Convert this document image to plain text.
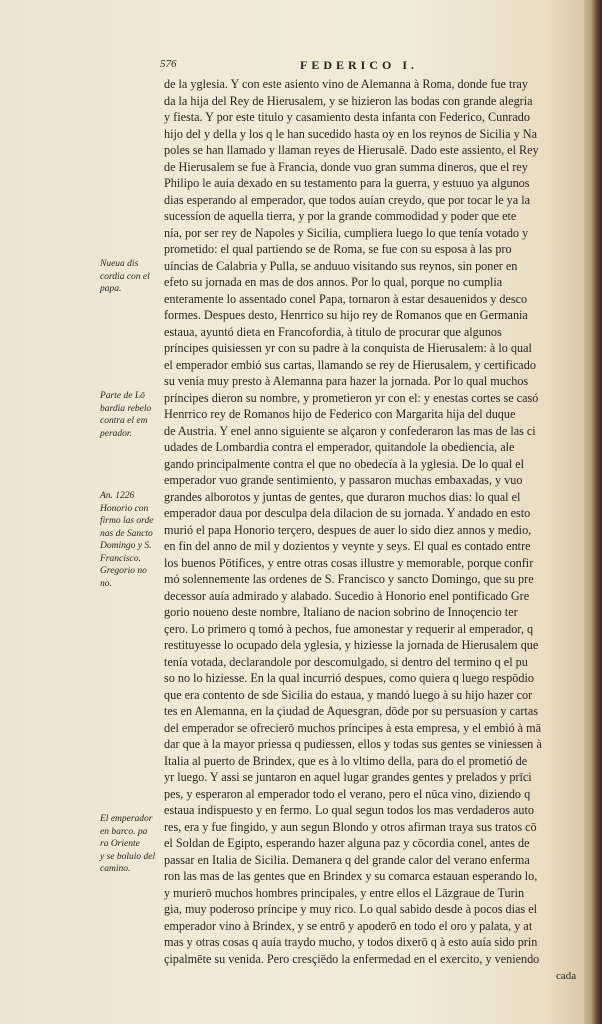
576	FEDERICO I.
de la yglesia. Y con este asiento vino de Alemanna à Roma, donde fue tray
da la hija del Rey de Hierusalem, y se hizieron las bodas con grande alegria
y fiesta. Y por este titulo y casamiento desta infanta con Federico, Cunrado
hijo del y della y los q le han sucedido hasta oy en los reynos de Sicilia y Na
poles se han llamado y llaman reyes de Hierusalē. Dado este assiento, el Rey
de Hierusalem se fue à Francia, donde vuo gran summa dineros, que el rey
Philipo le auía dexado en su testamento para la guerra, y estuuo ya algunos
dias esperando al emperador, que todos auían creydo, que por tocar le ya la
sucessíon de aquella tierra, y por la grande commodidad y poder que ete
nía, por ser rey de Napoles y Sicilia, cumpliera luego lo que tenía votado y
prometido: el qual partiendo se de Roma, se fue con su esposa à las pro
uíncias de Calabria y Pulla, se anduuo visitando sus reynos, sin poner en
efeto su jornada en mas de dos annos. Por lo qual, porque no cumplia
enteramente lo assentado conel Papa, tornaron à estar desauenidos y desco
formes. Despues desto, Henrrico su hijo rey de Romanos que en Germania
estaua, ayuntó dieta en Francofordia, à titulo de procurar que algunos
príncipes quisiessen yr con su padre à la conquista de Hierusalem: à lo qual
el emperador embió sus cartas, llamando se rey de Hierusalem, y certificado
su venía muy presto à Alemanna para hazer la jornada. Por lo qual muchos
príncipes dieron su nombre, y prometieron yr con el: y enestas cortes se casó
Henrrico rey de Romanos hijo de Federico con Margarita hija del duque
de Austria. Y enel anno siguiente se alçaron y confederaron las mas de las ci
udades de Lombardia contra el emperador, quitandole la obediencia, ale
gando principalmente contra el que no obedecía à la yglesia. De lo qual el
emperador vuo grande sentimiento, y passaron muchas embaxadas, y vuo
grandes alborotos y juntas de gentes, que duraron muchos dias: lo qual el
emperador daua por desculpa dela dilacion de su jornada. Y andado en esto
murió el papa Honorio terçero, despues de auer lo sido diez annos y medio,
en fin del anno de mil y dozientos y veynte y seys. El qual es contado entre
los buenos Pōtífices, y entre otras cosas illustre y memorable, porque confir
mó solennemente las ordenes de S. Francisco y sancto Domingo, que su pre
decessor auía admirado y alabado. Sucedio à Honorio enel pontificado Gre
gorio noueno deste nombre, Italiano de nacion sobrino de Innoçencio ter
çero. Lo primero q tomó à pechos, fue amonestar y requerir al emperador, q
restituyesse lo ocupado dela yglesia, y hiziesse la jornada de Hierusalem que
tenía votada, declarandole por descomulgado, si dentro del termino q el pu
so no lo hiziesse. En la qual incurrió despues, como quiera q luego respōdio
que era contento de sde Sicilia do estaua, y mandó luego à su hijo hazer cor
tes en Alemanna, en la çiudad de Aquesgran, dōde por su persuasion y cartas
del emperador se ofrecierō muchos príncipes à esta empresa, y el embió à mā
dar que à la mayor priessa q pudiessen, ellos y todas sus gentes se viniessen à
Italia al puerto de Brindex, que es à lo vltimo della, para do el prometió de
yr luego. Y assi se juntaron en aquel lugar grandes gentes y prelados y prīci
pes, y esperaron al emperador todo el verano, pero el nūca vino, diziendo q
estaua indispuesto y en fermo. Lo qual segun todos los mas verdaderos auto
res, era y fue fingido, y aun segun Blondo y otros afirman traya sus tratos cō
el Soldan de Egipto, esperando hazer alguna paz y cōcordia conel, antes de
passar en Italia de Sicilia. Demanera q del grande calor del verano enferma
ron las mas de las gentes que en Brindex y su comarca estauan esperando lo,
y murierō muchos hombres principales, y entre ellos el Lāzgraue de Turin
gia, muy poderoso príncipe y muy rico. Lo qual sabido desde à pocos dias el
emperador vino à Brindex, y se entrō y apoderō en todo el oro y palata, y at
mas y otras cosas q auía traydo mucho, y todos dixerō q à esto auía sido prin
çipalmēte su venida. Pero cresçiēdo la enfermedad en el exercito, y veniendo
Nueua dis
cordia con el
papa.
Parte de Lō
bardia rebelo
contra el em
perador.
An. 1226
Honorio con
firmo las orde
nas de Sancto
Domingo y S.
Francisco.
Gregorio no
no.
El emperador
en barco. pa
ra Oriente
y se boluio del
camino.
cada
